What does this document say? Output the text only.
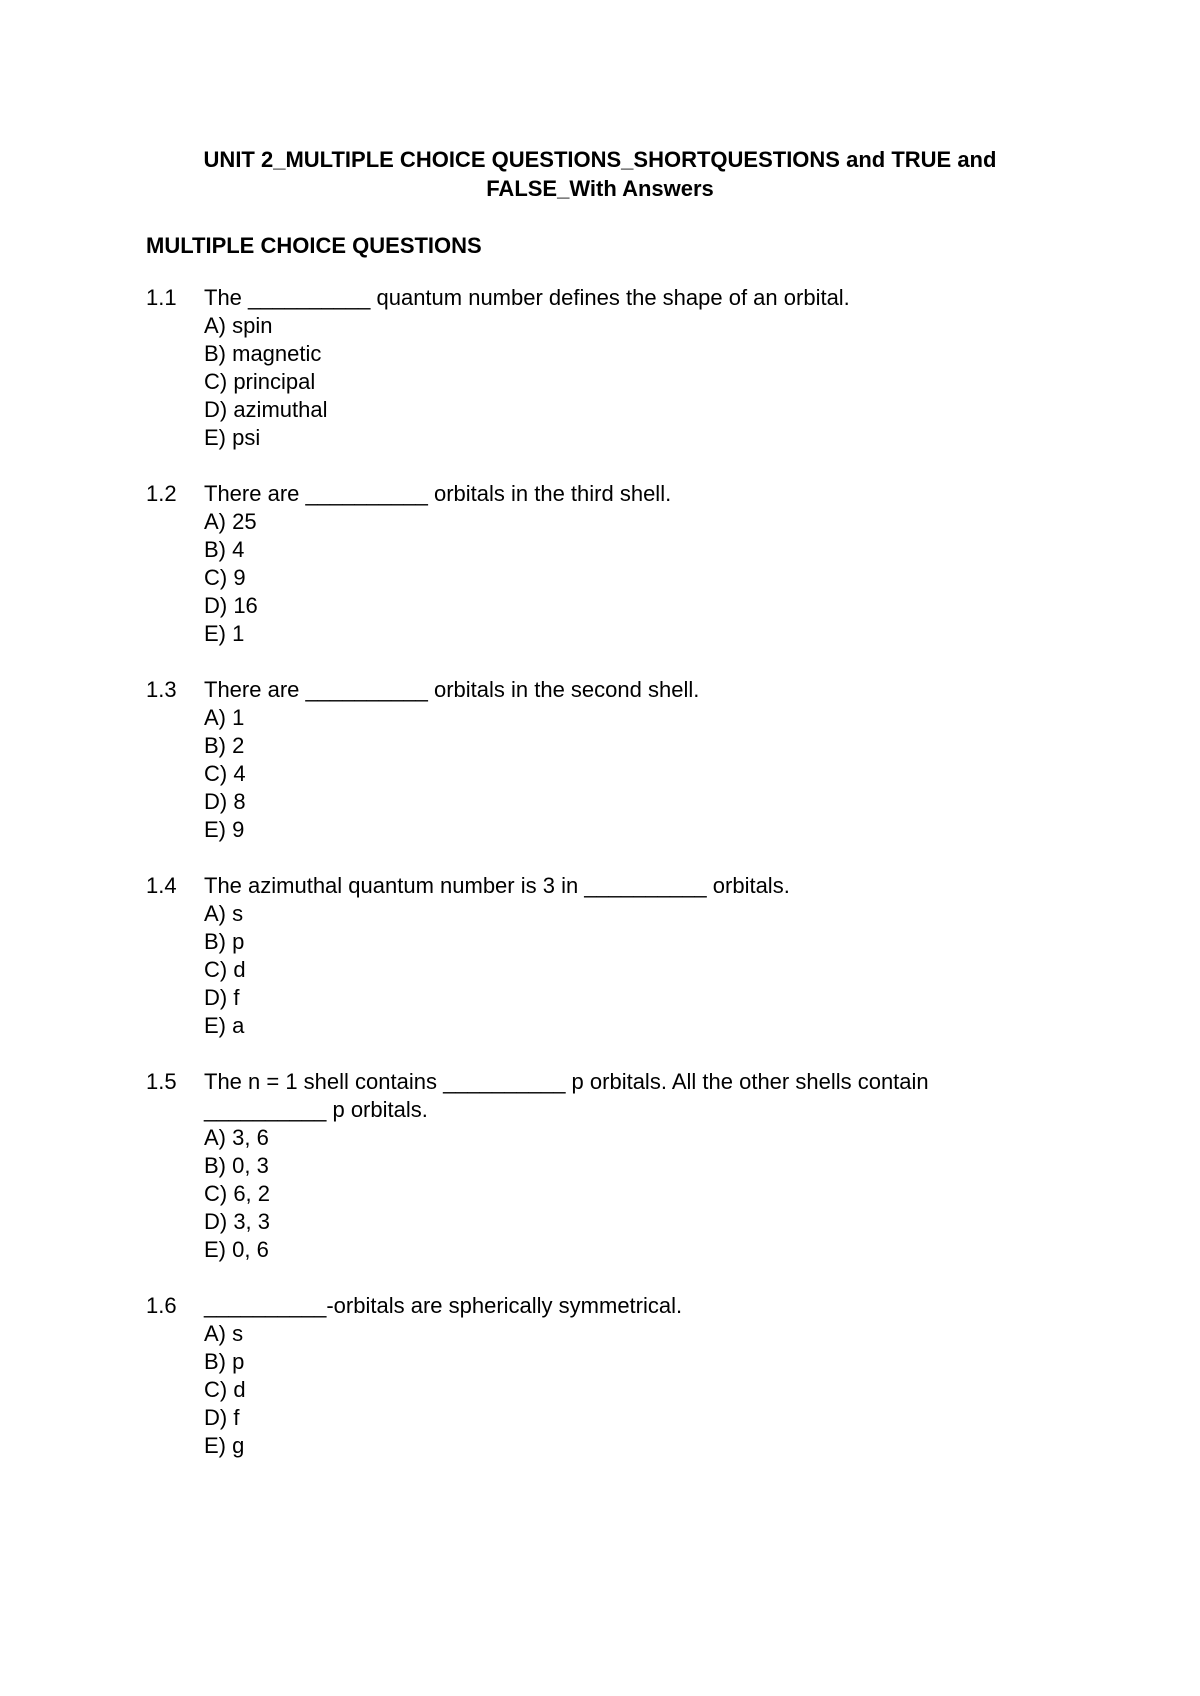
UNIT 2_MULTIPLE CHOICE QUESTIONS_SHORTQUESTIONS and TRUE and
FALSE_With Answers
MULTIPLE CHOICE QUESTIONS
1.1	The __________ quantum number defines the shape of an orbital.
A) spin
B) magnetic
C) principal
D) azimuthal
E) psi
1.2	There are __________ orbitals in the third shell.
A) 25
B) 4
C) 9
D) 16
E) 1
1.3	There are __________ orbitals in the second shell.
A) 1
B) 2
C) 4
D) 8
E) 9
1.4	The azimuthal quantum number is 3 in __________ orbitals.
A) s
B) p
C) d
D) f
E) a
1.5	The n = 1 shell contains __________ p orbitals. All the other shells contain __________ p orbitals.
A) 3, 6
B) 0, 3
C) 6, 2
D) 3, 3
E) 0, 6
1.6	__________-orbitals are spherically symmetrical.
A) s
B) p
C) d
D) f
E) g
